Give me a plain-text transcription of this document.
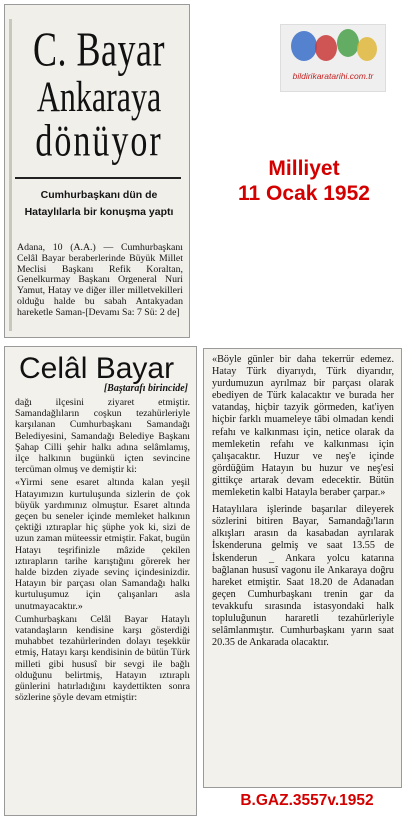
C. Bayar
Ankaraya
dönüyor
Cumhurbaşkanı dün de Hataylılarla bir konuşma yaptı
Adana, 10 (A.A.) — Cumhurbaşkanı Celâl Bayar beraberlerinde Büyük Millet Meclisi Başkanı Refik Koraltan, Genelkurmay Başkanı Orgeneral Nuri Yamut, Hatay ve diğer iller milletvekilleri olduğu halde bu sabah Antakyadan hareketle Saman-[Devamı Sa: 7 Sü: 2 de]
bildirikaratarihi.com.tr
Milliyet
11 Ocak 1952
Celâl Bayar
[Baştarafı birincide]

dağı ilçesini ziyaret etmiştir. Samandağlıların coşkun tezahürleriyle karşılanan Cumhurbaşkanı Samandağı Belediyesini, Samandağı Belediye Başkanı Şahap Cilli şehir halkı adına selâmlamış, ilçe halkının bugünkü içten sevincine tercüman olmuş ve demiştir ki:

«Yirmi sene esaret altında kalan yeşil Hatayımızın kurtuluşunda sizlerin de çok büyük yardımınız olmuştur. Esaret altında geçen bu seneler içinde memleket halkının çektiği ıztıraplar hiç şüphe yok ki, sizi de uzun zaman müteessir etmiştir. Fakat, bugün Hatayı teşrifinizle mâzide çekilen ıztırapların tarihe karıştığını görerek her halde bizden ziyade sevinç içindesinizdir. Hatayın bir parçası olan Samandağı halkı kurtuluşumuz için çalışanları asla unutmayacaktır.»

Cumhurbaşkanı Celâl Bayar Hataylı vatandaşların kendisine karşı gösterdiği muhabbet tezahürlerinden dolayı teşekkür etmiş, Hatayı karşı kendisinin de bütün Türk milleti gibi hususî bir sevgi ile bağlı olduğunu belirtmiş, Hatayın ıztıraplı günlerini hatırladığını kaydettikten sonra sözlerine şöyle devam etmiştir:

«Böyle günler bir daha tekerrür edemez. Hatay Türk diyarıydı, Türk diyarıdır, yurdumuzun ayrılmaz bir parçası olarak ebediyen de Türk kalacaktır ve burada her vatandaş, hiçbir tazyik görmeden, kat'iyen hiçbir farklı muameleye tâbi olmadan kendi refahı ve kalkınması için, netice olarak da memleketin refahı ve kalkınması için çalışacaktır. Huzur ve neş'e içinde gördüğüm Hatayın bu huzur ve neş'esi gittikçe artarak devam edecektir. Bütün memleketin kalbi Hatayla beraber çarpar.»

Hataylılara işlerinde başarılar dileyerek sözlerini bitiren Bayar, Samandağı'ların alkışları arasın da kasabadan ayrılarak İskenderuna gelmiş ve saat 13.55 de İskenderun _ Ankara yolcu katarına bağlanan hususî vagonu ile Ankaraya doğru hareket etmiştir. Saat 18.20 de Adanadan geçen Cumhurbaşkanı trenin gar da tevakkufu sırasında istasyondaki halk topluluğunun hararetli tezahürleriyle selâmlanmıştır. Cumhurbaşkanı yarın saat 20.35 de Ankarada olacaktır.

B.GAZ.3557v.1952
